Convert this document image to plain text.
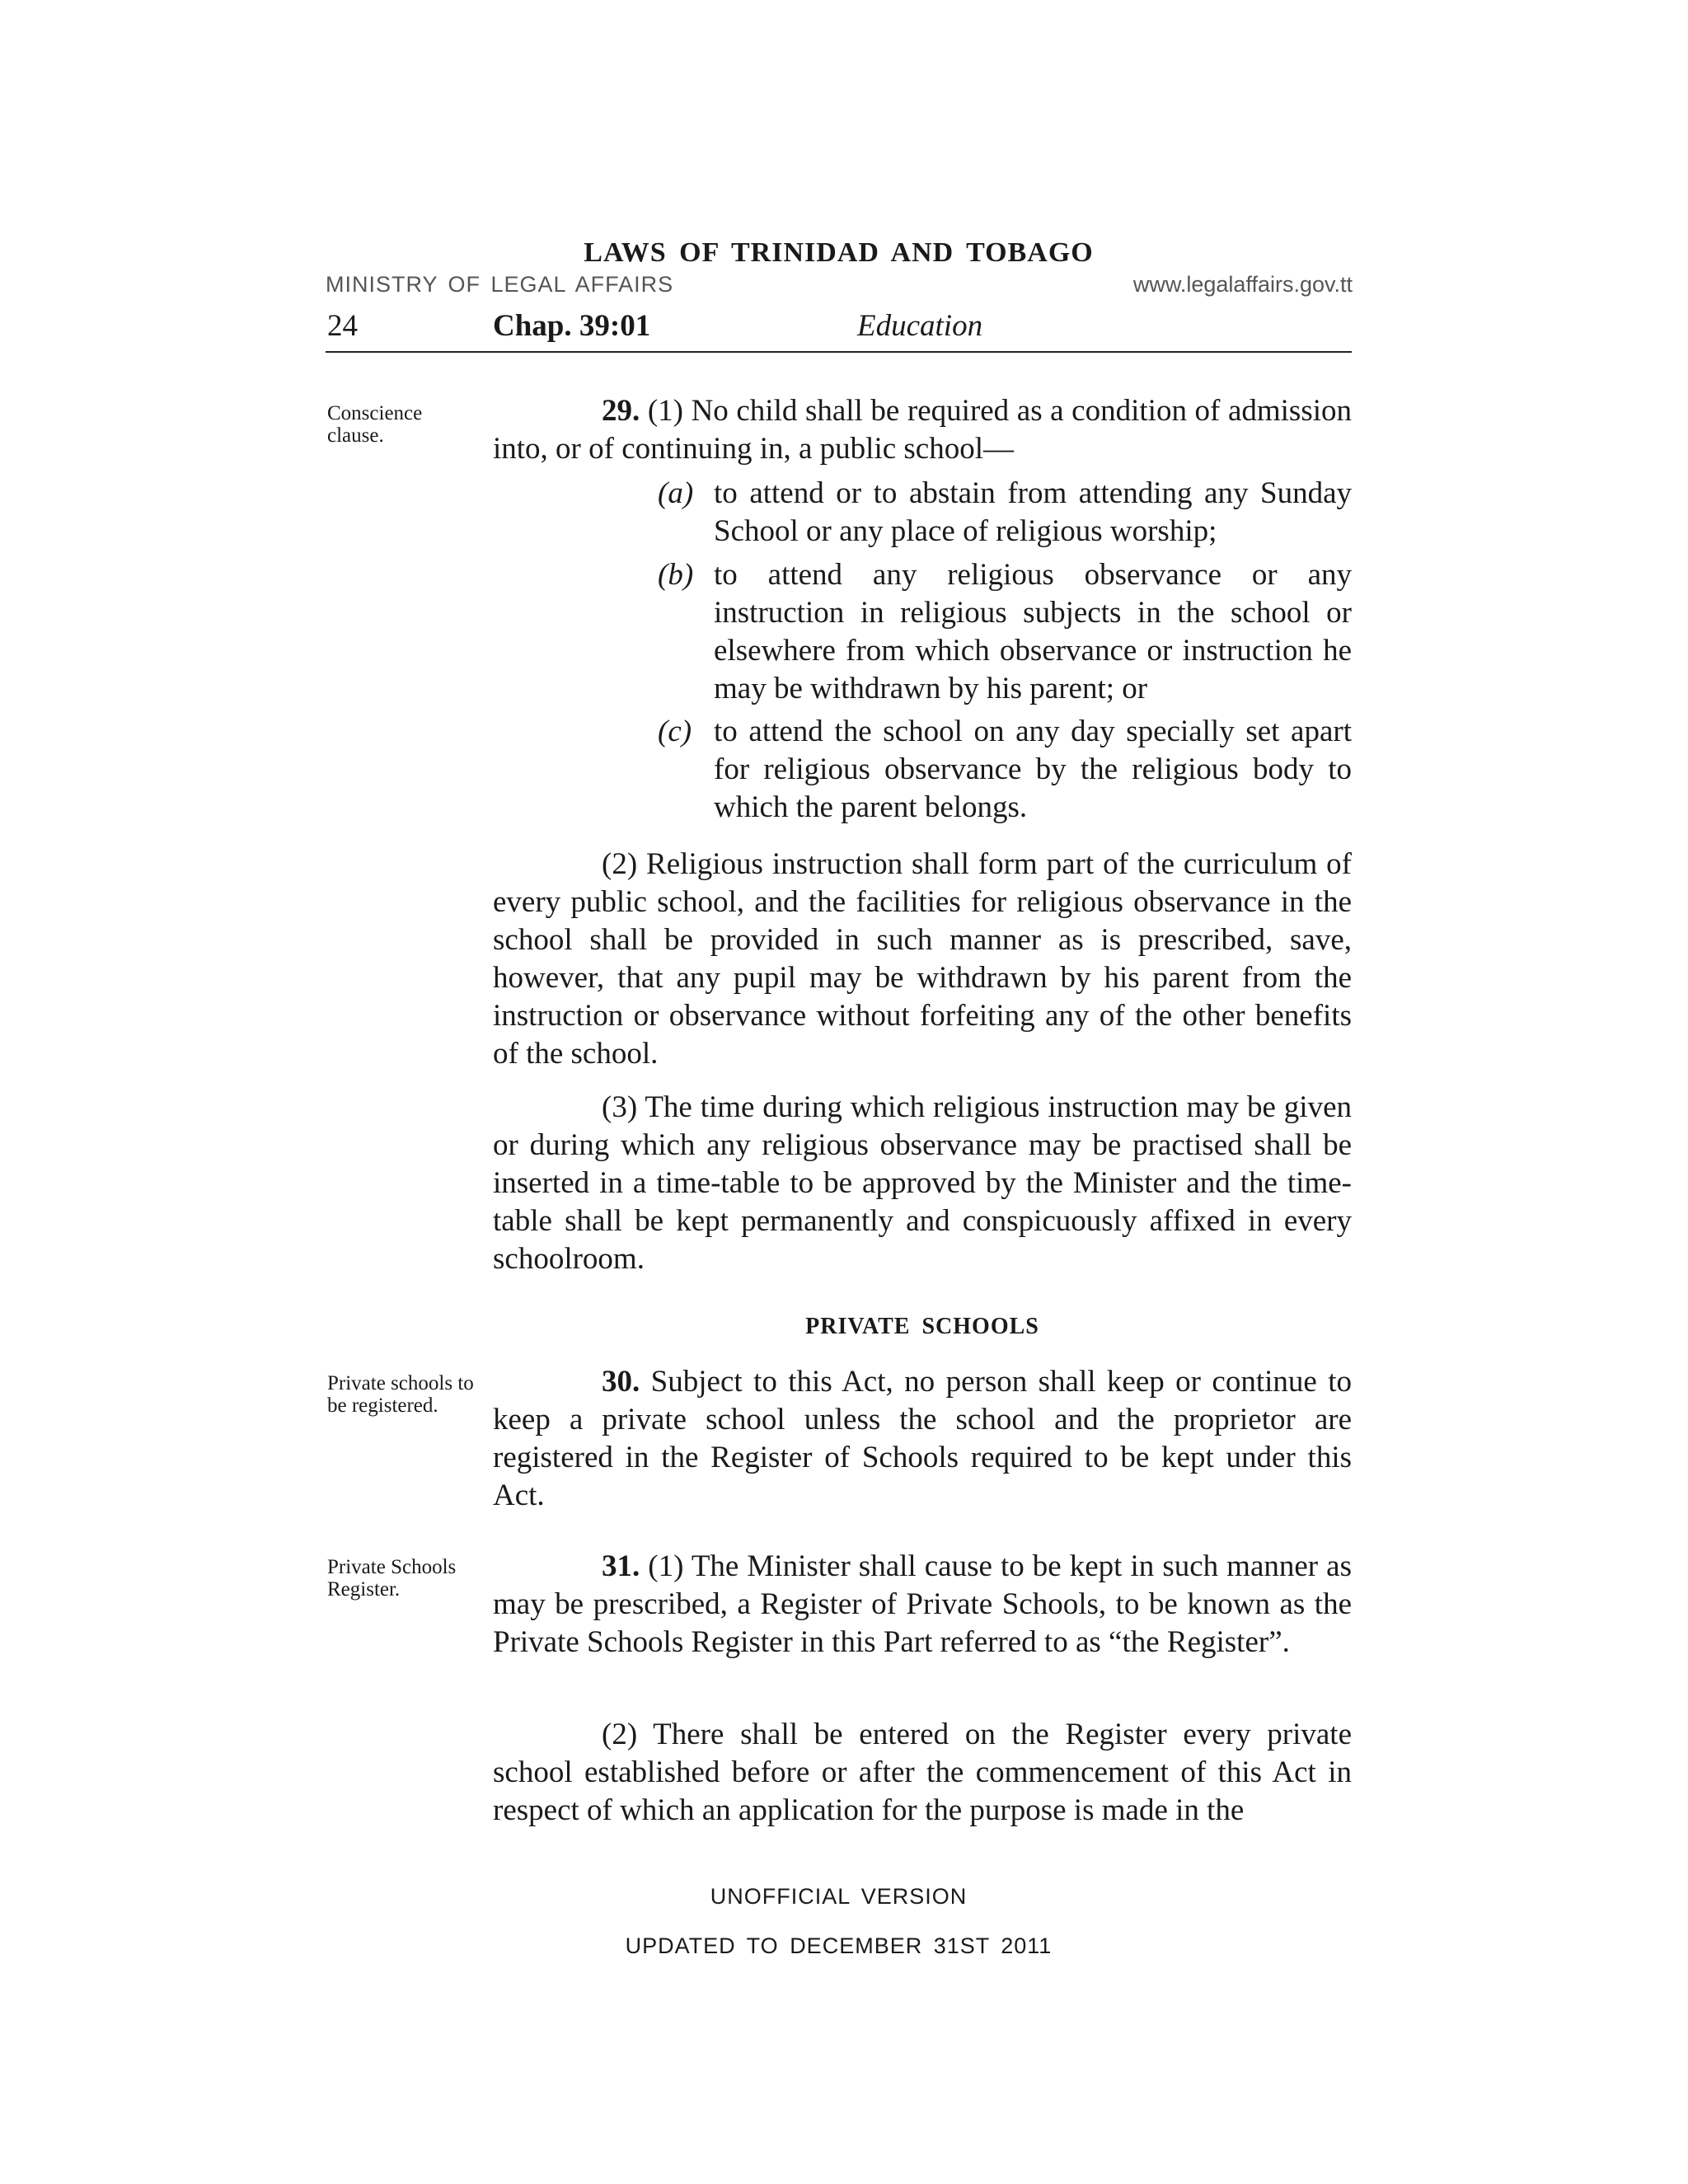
LAWS OF TRINIDAD AND TOBAGO
MINISTRY OF LEGAL AFFAIRS	www.legalaffairs.gov.tt
24	Chap. 39:01	Education
Conscience clause.
Private schools to be registered.
Private Schools Register.
29. (1) No child shall be required as a condition of admission into, or of continuing in, a public school—
(a) to attend or to abstain from attending any Sunday School or any place of religious worship;
(b) to attend any religious observance or any instruction in religious subjects in the school or elsewhere from which observance or instruction he may be withdrawn by his parent; or
(c) to attend the school on any day specially set apart for religious observance by the religious body to which the parent belongs.
(2) Religious instruction shall form part of the curriculum of every public school, and the facilities for religious observance in the school shall be provided in such manner as is prescribed, save, however, that any pupil may be withdrawn by his parent from the instruction or observance without forfeiting any of the other benefits of the school.
(3) The time during which religious instruction may be given or during which any religious observance may be practised shall be inserted in a time-table to be approved by the Minister and the time-table shall be kept permanently and conspicuously affixed in every schoolroom.
PRIVATE SCHOOLS
30. Subject to this Act, no person shall keep or continue to keep a private school unless the school and the proprietor are registered in the Register of Schools required to be kept under this Act.
31. (1) The Minister shall cause to be kept in such manner as may be prescribed, a Register of Private Schools, to be known as the Private Schools Register in this Part referred to as “the Register”.
(2) There shall be entered on the Register every private school established before or after the commencement of this Act in respect of which an application for the purpose is made in the
UNOFFICIAL VERSION
UPDATED TO DECEMBER 31ST 2011
